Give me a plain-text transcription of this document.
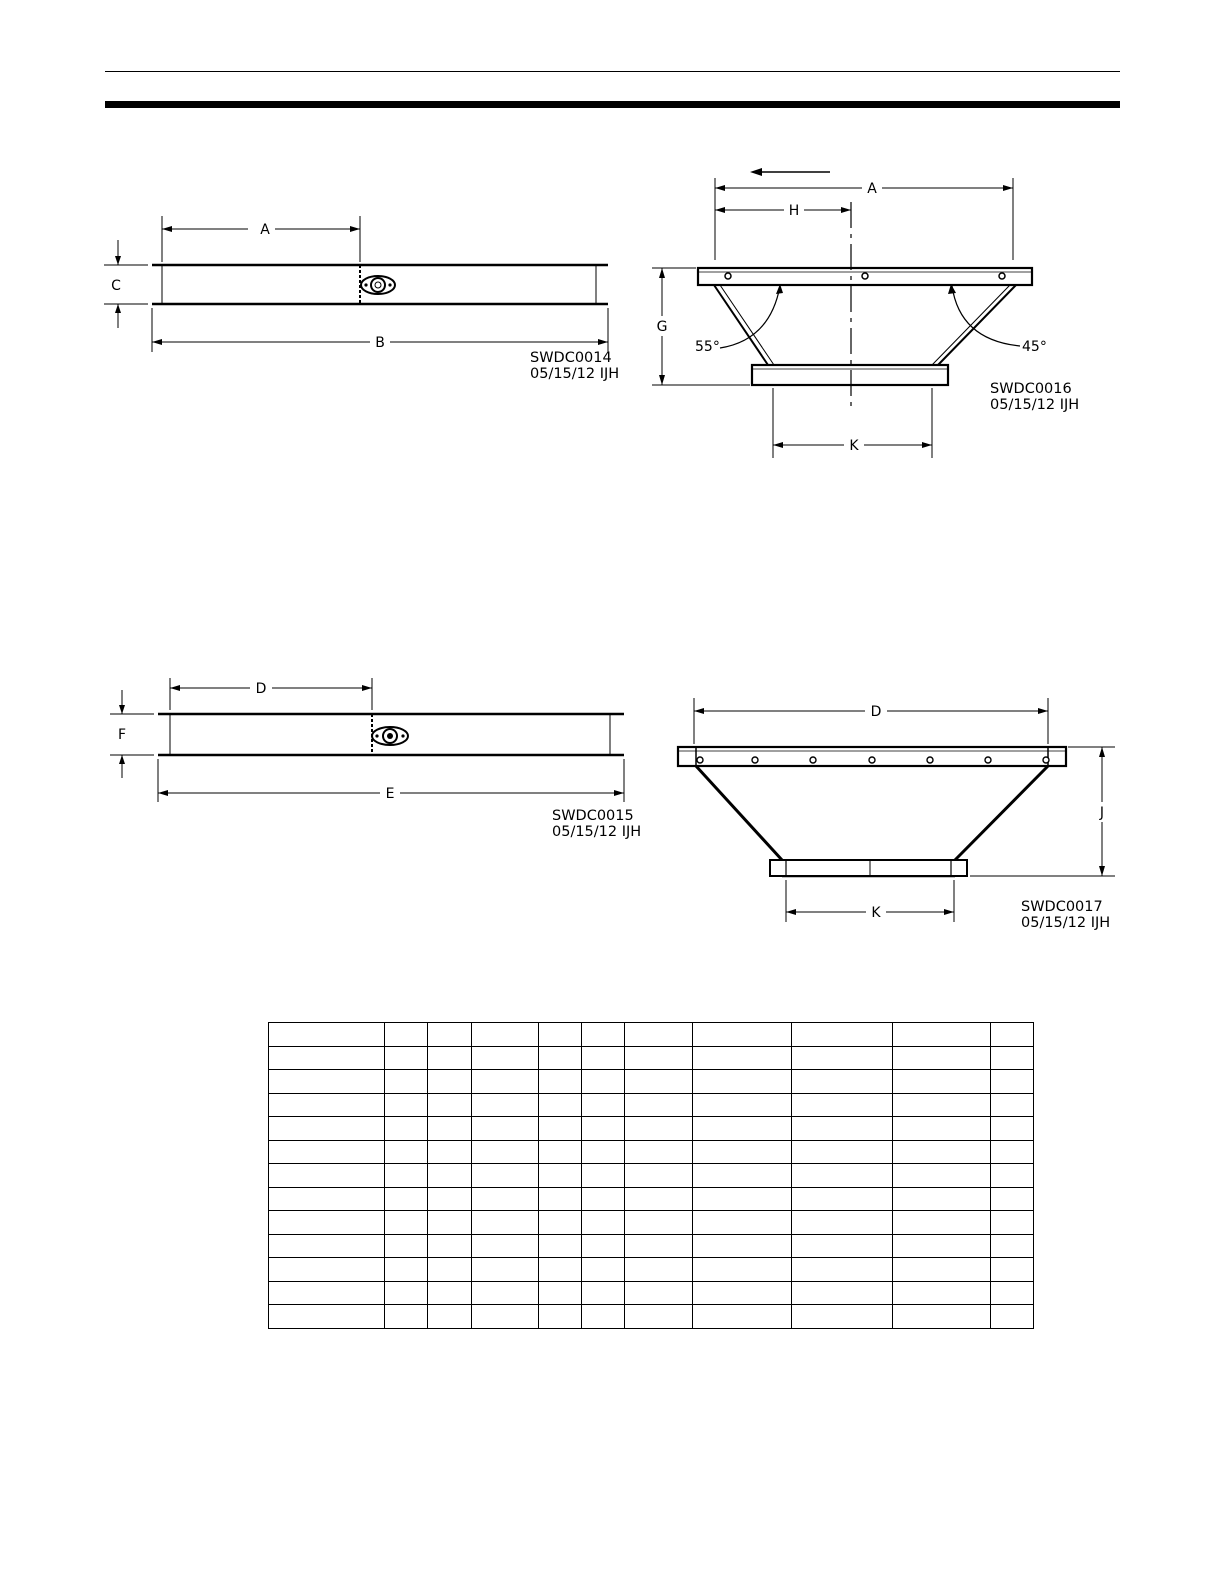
A
B
C
SWDC0014
05/15/12 IJH
55°	45°
A
H
G
K
SWDC0016
05/15/12 IJH
D
E
F
SWDC0015
05/15/12 IJH
D
J
K	SWDC0017
05/15/12 IJH
